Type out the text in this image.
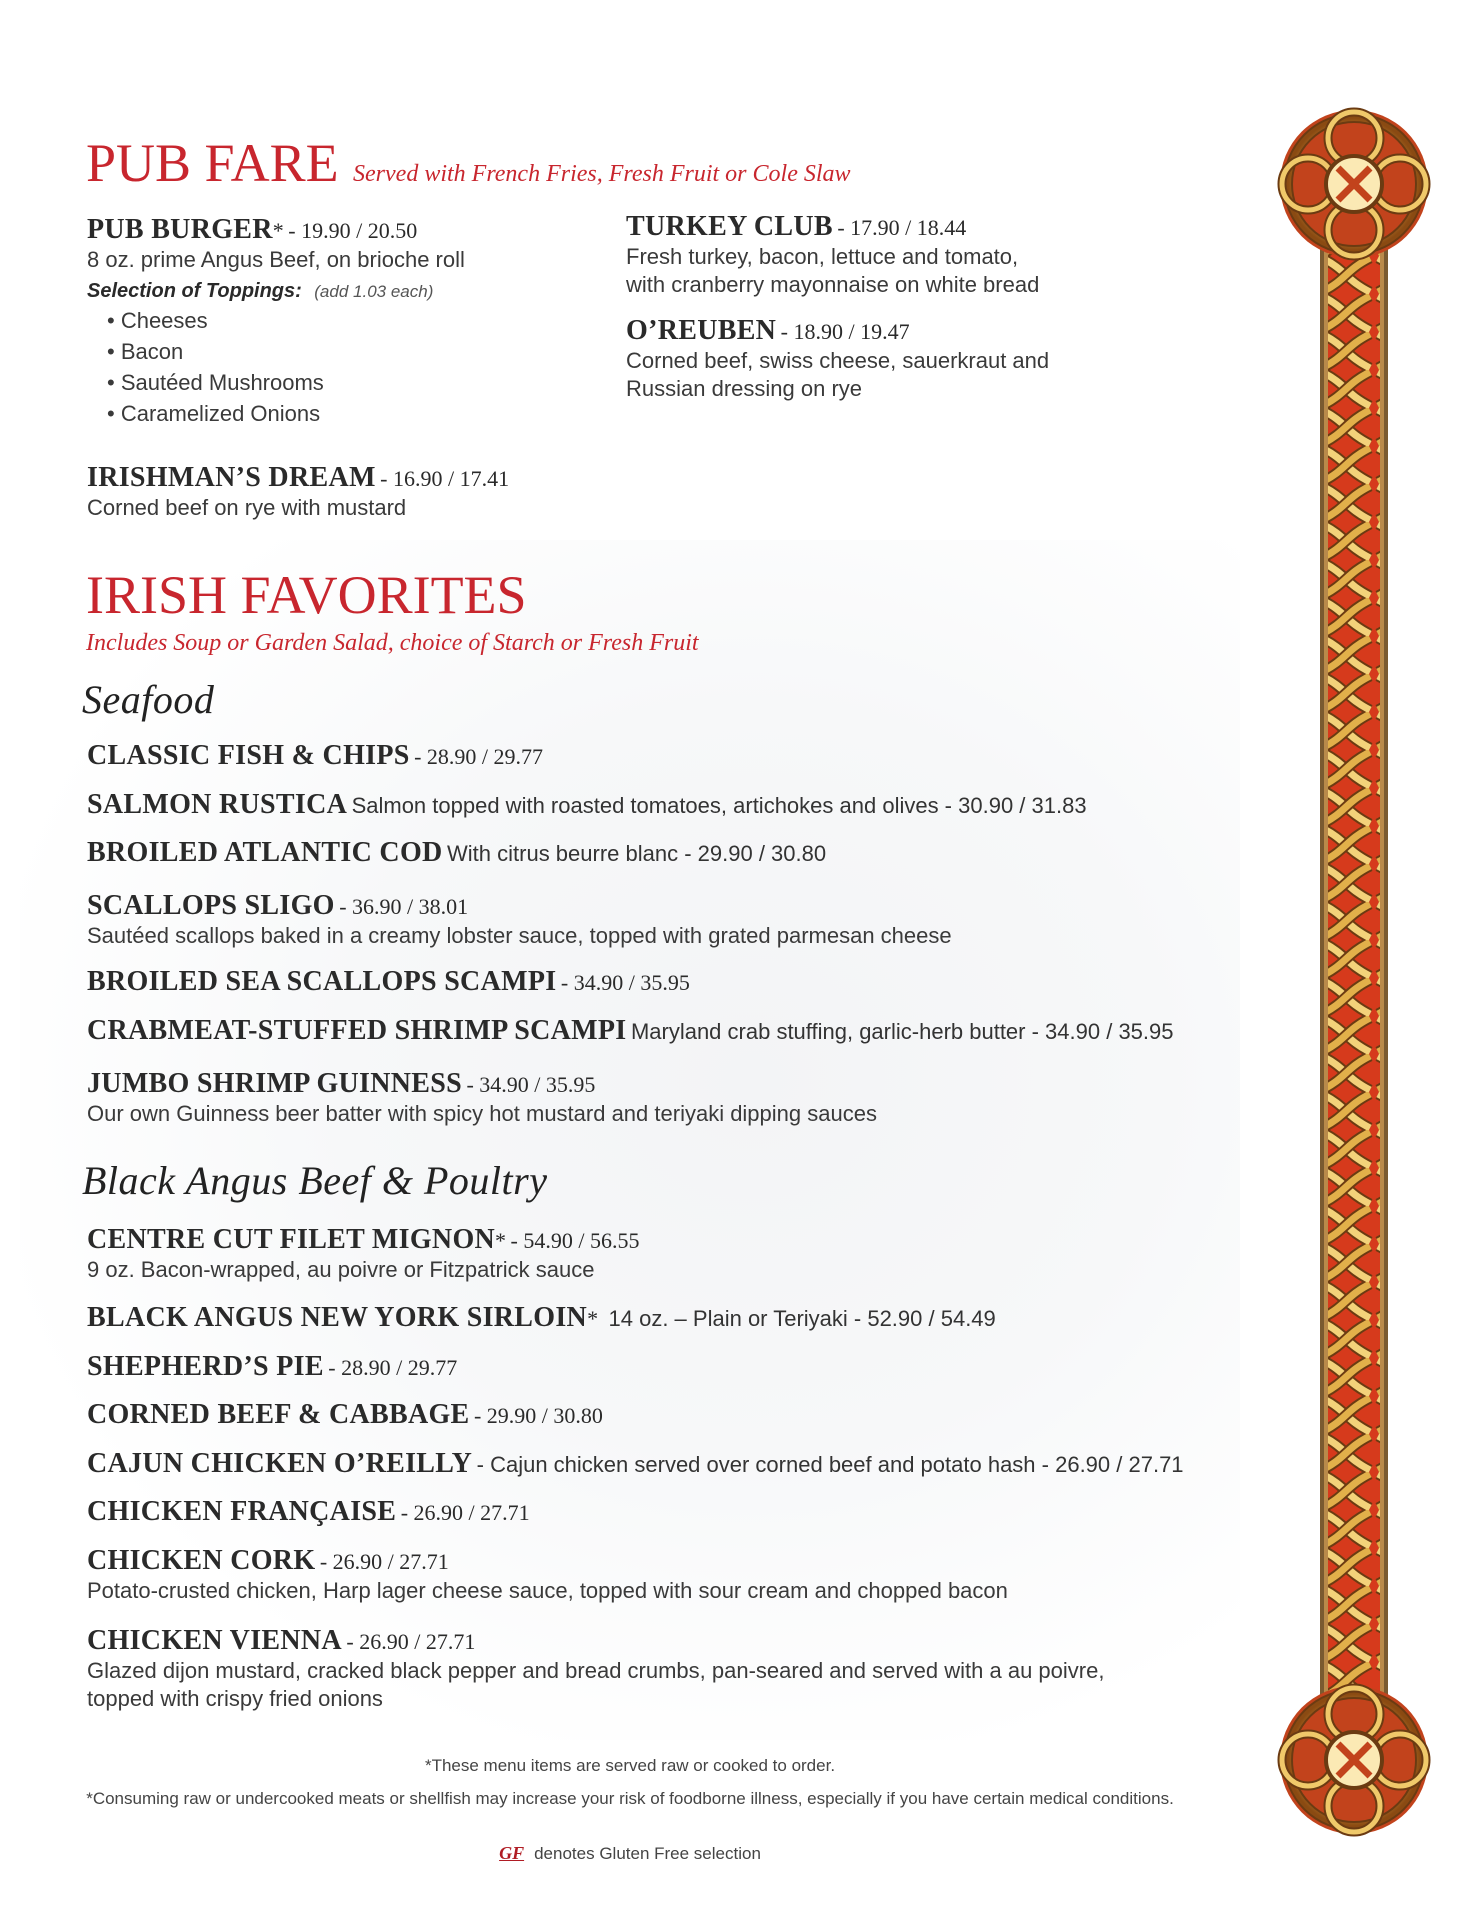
PUB FARE Served with French Fries, Fresh Fruit or Cole Slaw
PUB BURGER* - 19.90 / 20.50
8 oz. prime Angus Beef, on brioche roll
Selection of Toppings: (add 1.03 each)
• Cheeses
• Bacon
• Sautéed Mushrooms
• Caramelized Onions
IRISHMAN’S DREAM - 16.90 / 17.41
Corned beef on rye with mustard
TURKEY CLUB - 17.90 / 18.44
Fresh turkey, bacon, lettuce and tomato,
with cranberry mayonnaise on white bread
O’REUBEN - 18.90 / 19.47
Corned beef, swiss cheese, sauerkraut and
Russian dressing on rye
IRISH FAVORITES
Includes Soup or Garden Salad, choice of Starch or Fresh Fruit
Seafood
CLASSIC FISH & CHIPS - 28.90 / 29.77
SALMON RUSTICA Salmon topped with roasted tomatoes, artichokes and olives - 30.90 / 31.83
BROILED ATLANTIC COD With citrus beurre blanc - 29.90 / 30.80
SCALLOPS SLIGO - 36.90 / 38.01
Sautéed scallops baked in a creamy lobster sauce, topped with grated parmesan cheese
BROILED SEA SCALLOPS SCAMPI - 34.90 / 35.95
CRABMEAT-STUFFED SHRIMP SCAMPI Maryland crab stuffing, garlic-herb butter - 34.90 / 35.95
JUMBO SHRIMP GUINNESS - 34.90 / 35.95
Our own Guinness beer batter with spicy hot mustard and teriyaki dipping sauces
Black Angus Beef & Poultry
CENTRE CUT FILET MIGNON* - 54.90 / 56.55
9 oz. Bacon-wrapped, au poivre or Fitzpatrick sauce
BLACK ANGUS NEW YORK SIRLOIN* 14 oz. – Plain or Teriyaki - 52.90 / 54.49
SHEPHERD’S PIE - 28.90 / 29.77
CORNED BEEF & CABBAGE - 29.90 / 30.80
CAJUN CHICKEN O’REILLY - Cajun chicken served over corned beef and potato hash - 26.90 / 27.71
CHICKEN FRANÇAISE - 26.90 / 27.71
CHICKEN CORK - 26.90 / 27.71
Potato-crusted chicken, Harp lager cheese sauce, topped with sour cream and chopped bacon
CHICKEN VIENNA - 26.90 / 27.71
Glazed dijon mustard, cracked black pepper and bread crumbs, pan-seared and served with a au poivre,
topped with crispy fried onions
*These menu items are served raw or cooked to order.
*Consuming raw or undercooked meats or shellfish may increase your risk of foodborne illness, especially if you have certain medical conditions.
GF denotes Gluten Free selection
